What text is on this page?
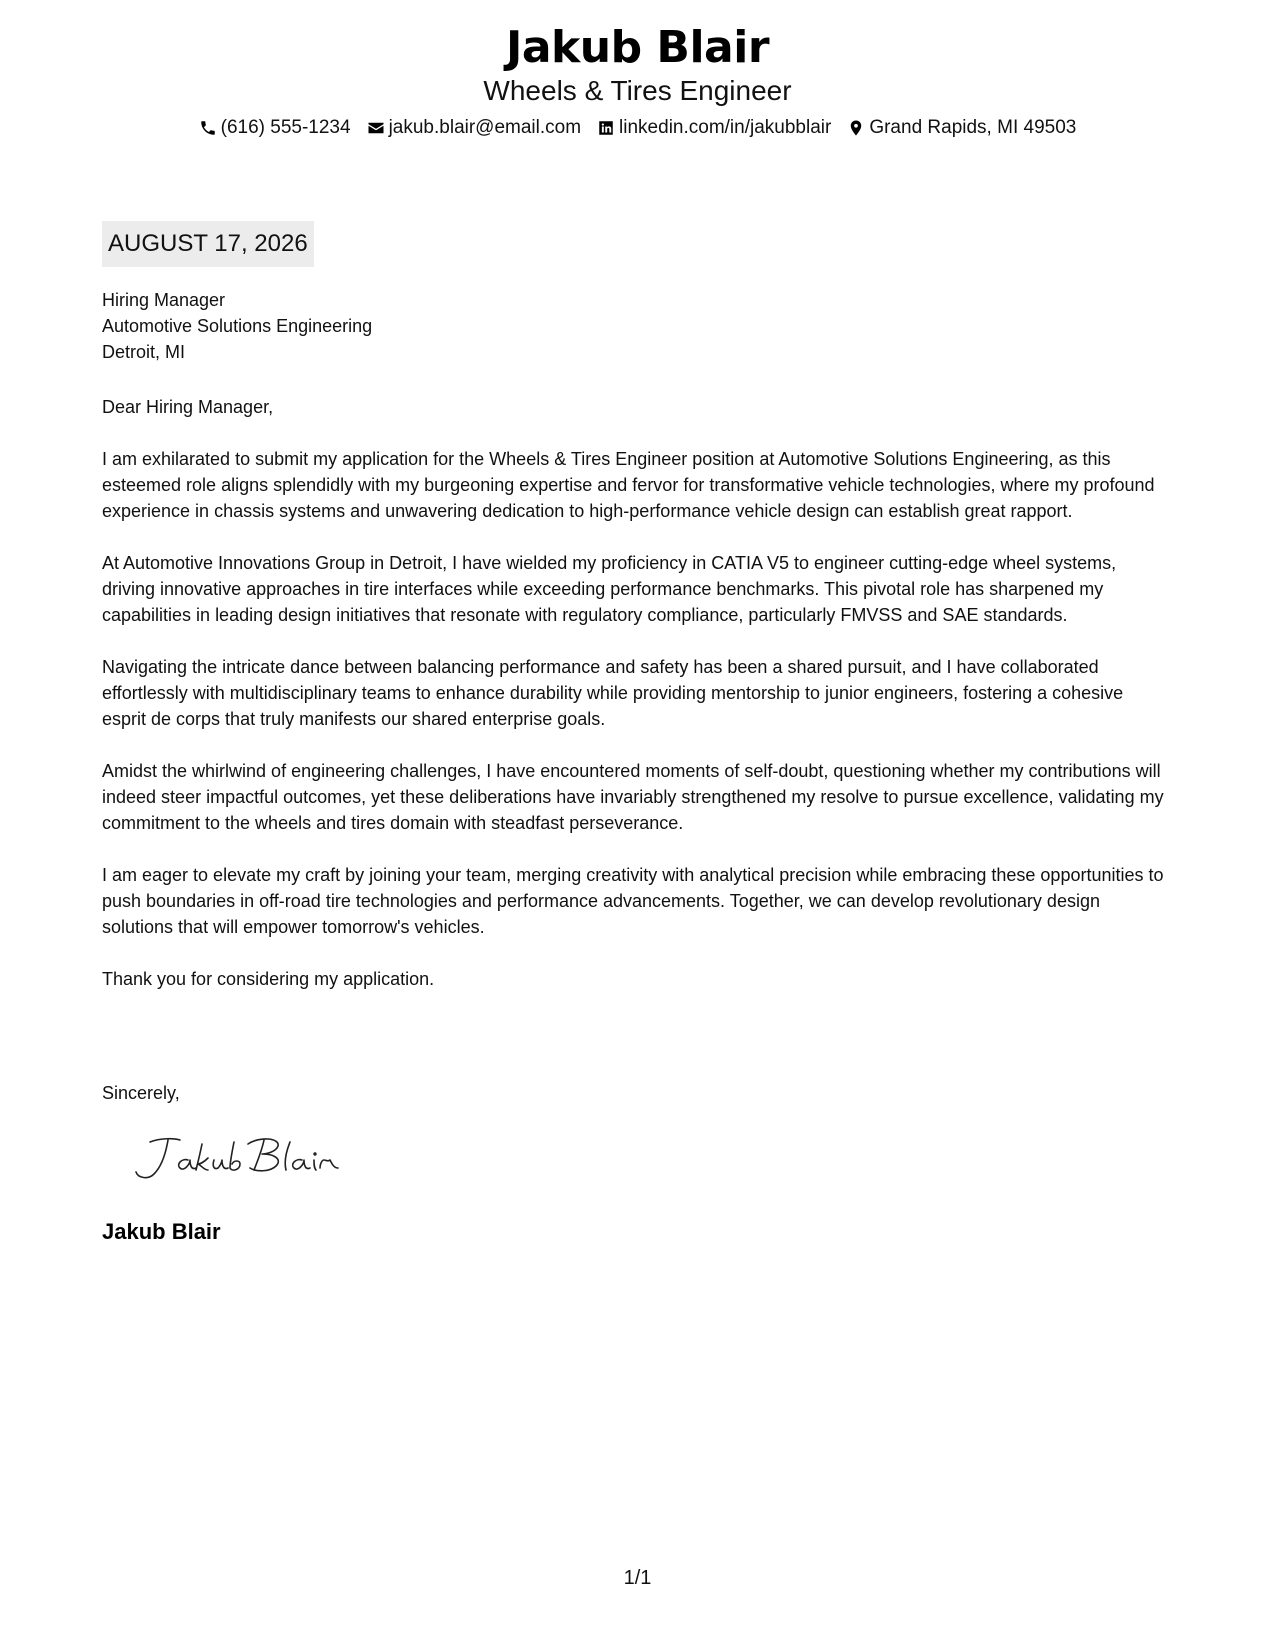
Jakub Blair
Wheels & Tires Engineer
(616) 555-1234 jakub.blair@email.com linkedin.com/in/jakubblair Grand Rapids, MI 49503
AUGUST 17, 2026
Hiring Manager
Automotive Solutions Engineering
Detroit, MI

Dear Hiring Manager,

I am exhilarated to submit my application for the Wheels & Tires Engineer position at Automotive Solutions Engineering, as this esteemed role aligns splendidly with my burgeoning expertise and fervor for transformative vehicle technologies, where my profound experience in chassis systems and unwavering dedication to high-performance vehicle design can establish great rapport.

At Automotive Innovations Group in Detroit, I have wielded my proficiency in CATIA V5 to engineer cutting-edge wheel systems, driving innovative approaches in tire interfaces while exceeding performance benchmarks. This pivotal role has sharpened my capabilities in leading design initiatives that resonate with regulatory compliance, particularly FMVSS and SAE standards.

Navigating the intricate dance between balancing performance and safety has been a shared pursuit, and I have collaborated effortlessly with multidisciplinary teams to enhance durability while providing mentorship to junior engineers, fostering a cohesive esprit de corps that truly manifests our shared enterprise goals.

Amidst the whirlwind of engineering challenges, I have encountered moments of self-doubt, questioning whether my contributions will indeed steer impactful outcomes, yet these deliberations have invariably strengthened my resolve to pursue excellence, validating my commitment to the wheels and tires domain with steadfast perseverance.

I am eager to elevate my craft by joining your team, merging creativity with analytical precision while embracing these opportunities to push boundaries in off-road tire technologies and performance advancements. Together, we can develop revolutionary design solutions that will empower tomorrow's vehicles.

Thank you for considering my application.

Sincerely,
Jakub Blair
1/1
